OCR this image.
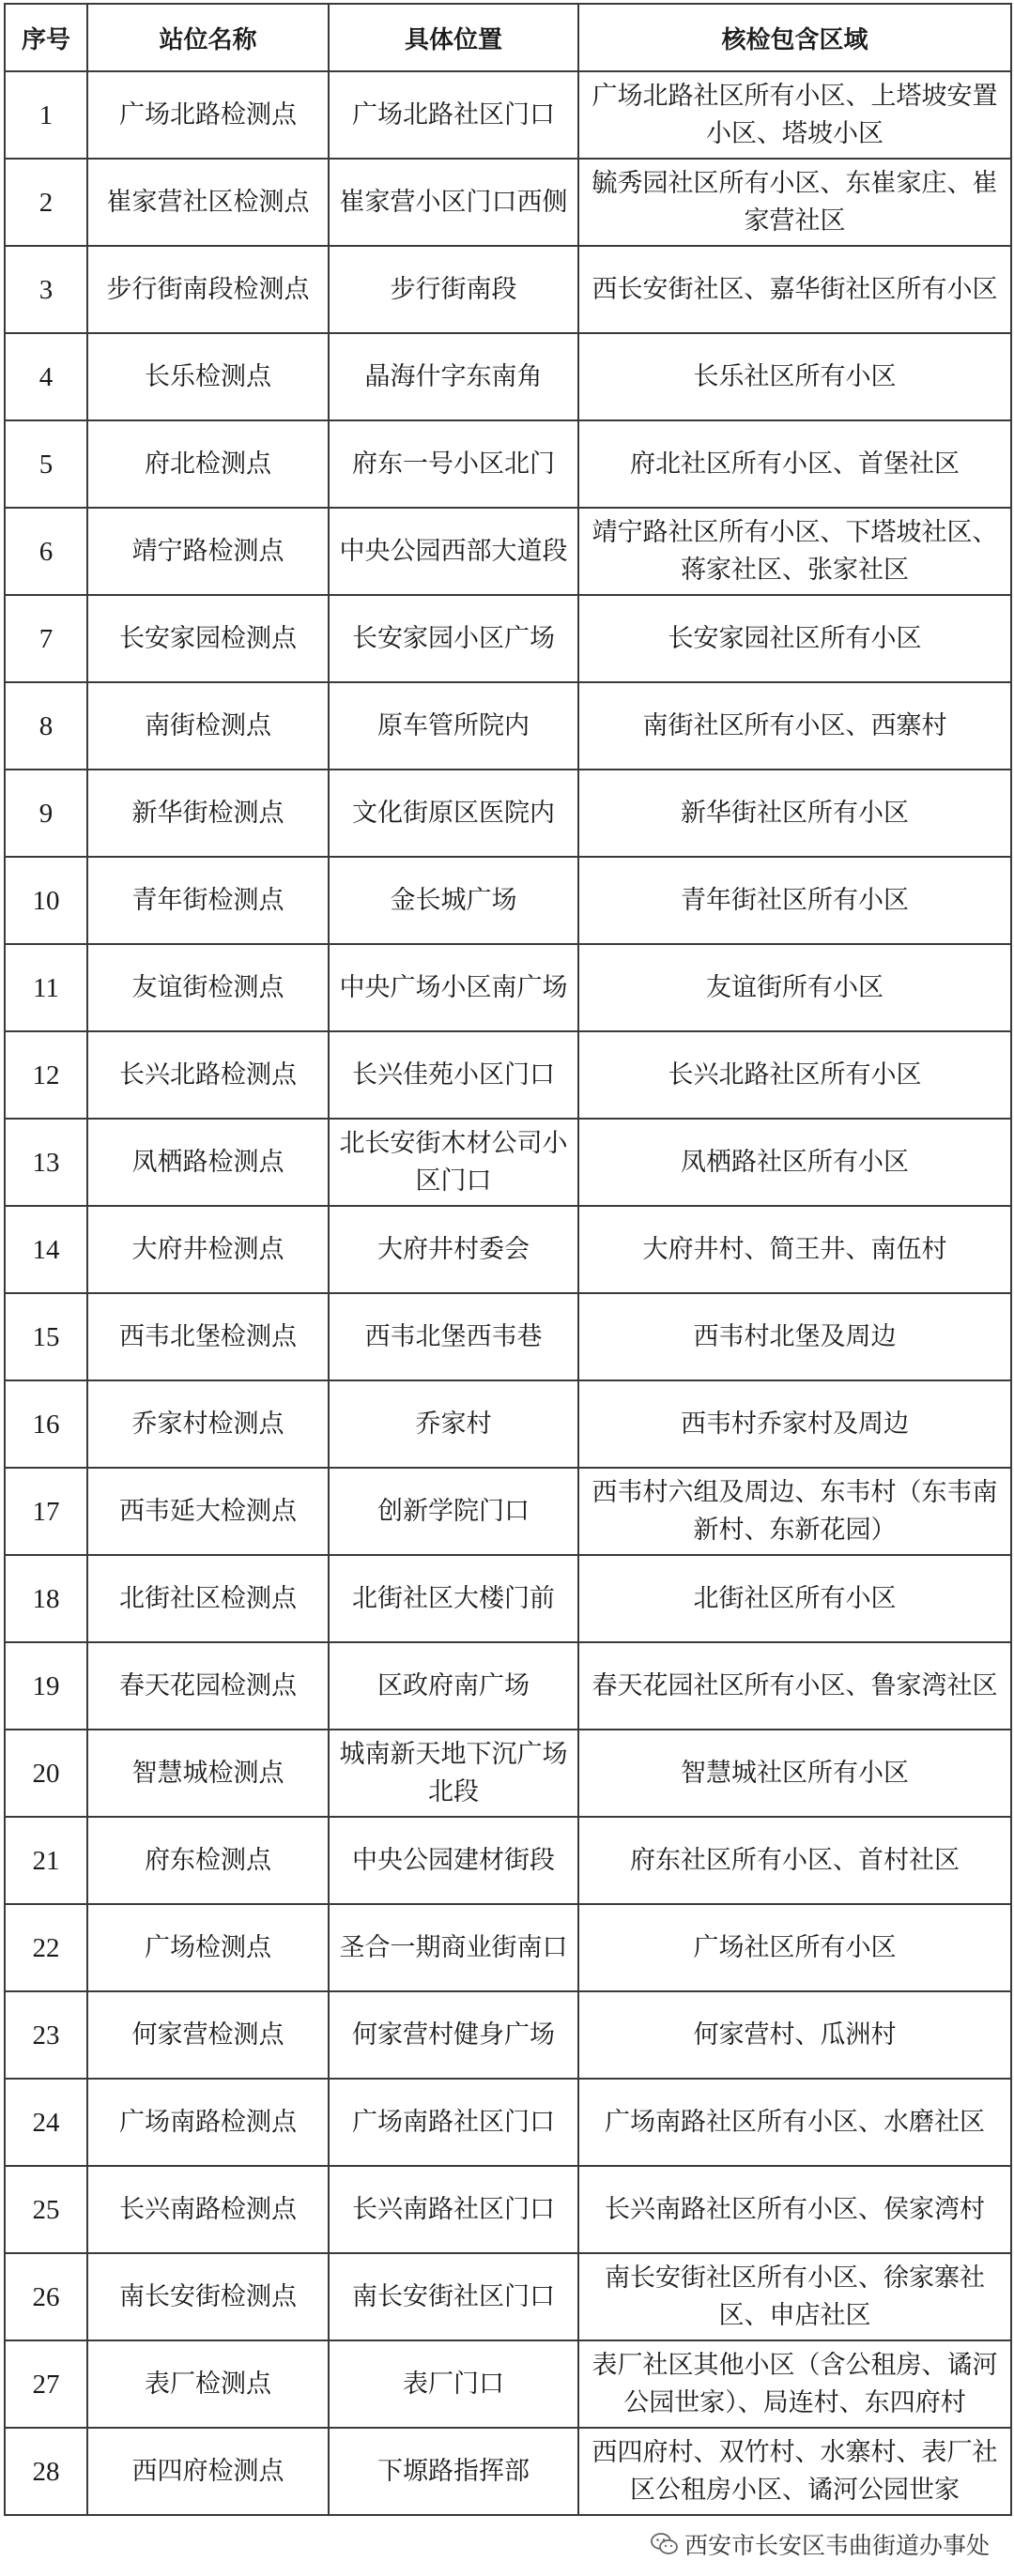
序号	站位名称	具体位置	核检包含区域
1	广场北路检测点	广场北路社区门口	广场北路社区所有小区、上塔坡安置小区、塔坡小区
2	崔家营社区检测点	崔家营小区门口西侧	毓秀园社区所有小区、东崔家庄、崔家营社区
3	步行街南段检测点	步行街南段	西长安街社区、嘉华街社区所有小区
4	长乐检测点	晶海什字东南角	长乐社区所有小区
5	府北检测点	府东一号小区北门	府北社区所有小区、首堡社区
6	靖宁路检测点	中央公园西部大道段	靖宁路社区所有小区、下塔坡社区、蒋家社区、张家社区
7	长安家园检测点	长安家园小区广场	长安家园社区所有小区
8	南街检测点	原车管所院内	南街社区所有小区、西寨村
9	新华街检测点	文化街原区医院内	新华街社区所有小区
10	青年街检测点	金长城广场	青年街社区所有小区
11	友谊街检测点	中央广场小区南广场	友谊街所有小区
12	长兴北路检测点	长兴佳苑小区门口	长兴北路社区所有小区
13	凤栖路检测点	北长安街木材公司小区门口	凤栖路社区所有小区
14	大府井检测点	大府井村委会	大府井村、简王井、南伍村
15	西韦北堡检测点	西韦北堡西韦巷	西韦村北堡及周边
16	乔家村检测点	乔家村	西韦村乔家村及周边
17	西韦延大检测点	创新学院门口	西韦村六组及周边、东韦村（东韦南新村、东新花园）
18	北街社区检测点	北街社区大楼门前	北街社区所有小区
19	春天花园检测点	区政府南广场	春天花园社区所有小区、鲁家湾社区
20	智慧城检测点	城南新天地下沉广场北段	智慧城社区所有小区
21	府东检测点	中央公园建材街段	府东社区所有小区、首村社区
22	广场检测点	圣合一期商业街南口	广场社区所有小区
23	何家营检测点	何家营村健身广场	何家营村、瓜洲村
24	广场南路检测点	广场南路社区门口	广场南路社区所有小区、水磨社区
25	长兴南路检测点	长兴南路社区门口	长兴南路社区所有小区、侯家湾村
26	南长安街检测点	南长安街社区门口	南长安街社区所有小区、徐家寨社区、申店社区
27	表厂检测点	表厂门口	表厂社区其他小区（含公租房、谲河公园世家）、局连村、东四府村
28	西四府检测点	下塬路指挥部	西四府村、双竹村、水寨村、表厂社区公租房小区、谲河公园世家
西安市长安区韦曲街道办事处
